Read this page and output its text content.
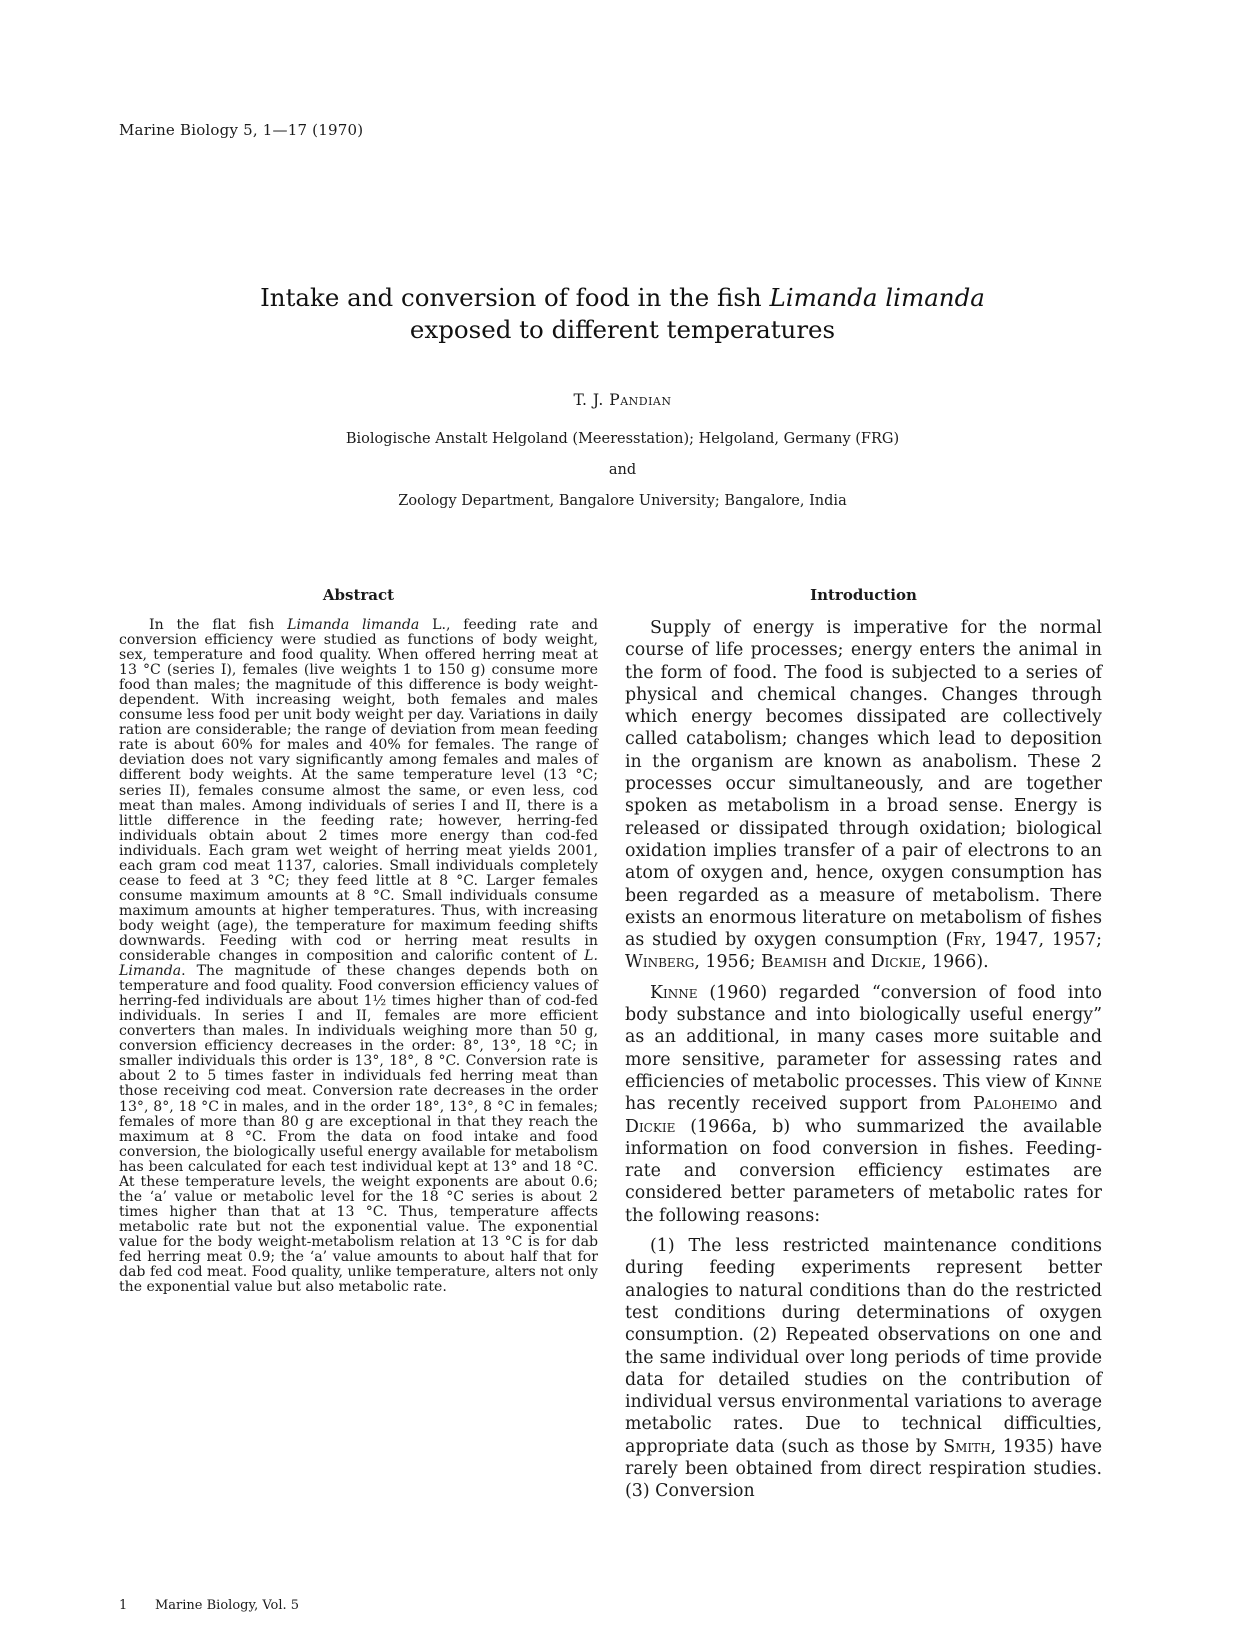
Marine Biology 5, 1—17 (1970)
Intake and conversion of food in the fish Limanda limanda
exposed to different temperatures
T. J. Pandian
Biologische Anstalt Helgoland (Meeresstation); Helgoland, Germany (FRG)
and
Zoology Department, Bangalore University; Bangalore, India
Abstract	Introduction

In the flat fish Limanda limanda L., feeding rate and conversion efficiency were studied as functions of body weight, sex, temperature and food quality. When offered herring meat at 13 °C (series I), females (live weights 1 to 150 g) consume more food than males; the magnitude of this difference is body weight-dependent. With increasing weight, both females and males consume less food per unit body weight per day. Variations in daily ration are considerable; the range of deviation from mean feeding rate is about 60% for males and 40% for females. The range of deviation does not vary significantly among females and males of different body weights. At the same temperature level (13 °C; series II), females consume almost the same, or even less, cod meat than males. Among individuals of series I and II, there is a little difference in the feeding rate; however, herring-fed individuals obtain about 2 times more energy than cod-fed individuals. Each gram wet weight of herring meat yields 2001, each gram cod meat 1137, calories. Small individuals completely cease to feed at 3 °C; they feed little at 8 °C. Larger females consume maximum amounts at 8 °C. Small individuals consume maximum amounts at higher temperatures. Thus, with increasing body weight (age), the temperature for maximum feeding shifts downwards. Feeding with cod or herring meat results in considerable changes in composition and calorific content of L. Limanda. The magnitude of these changes depends both on temperature and food quality. Food conversion efficiency values of herring-fed individuals are about 1½ times higher than of cod-fed individuals. In series I and II, females are more efficient converters than males. In individuals weighing more than 50 g, conversion efficiency decreases in the order: 8°, 13°, 18 °C; in smaller individuals this order is 13°, 18°, 8 °C. Conversion rate is about 2 to 5 times faster in individuals fed herring meat than those receiving cod meat. Conversion rate decreases in the order 13°, 8°, 18 °C in males, and in the order 18°, 13°, 8 °C in females; females of more than 80 g are exceptional in that they reach the maximum at 8 °C. From the data on food intake and food conversion, the biologically useful energy available for metabolism has been calculated for each test individual kept at 13° and 18 °C. At these temperature levels, the weight exponents are about 0.6; the ‘a’ value or metabolic level for the 18 °C series is about 2 times higher than that at 13 °C. Thus, temperature affects metabolic rate but not the exponential value. The exponential value for the body weight-metabolism relation at 13 °C is for dab fed herring meat 0.9; the ‘a’ value amounts to about half that for dab fed cod meat. Food quality, unlike temperature, alters not only the exponential value but also metabolic rate.

Supply of energy is imperative for the normal course of life processes; energy enters the animal in the form of food. The food is subjected to a series of physical and chemical changes. Changes through which energy becomes dissipated are collectively called catabolism; changes which lead to deposition in the organism are known as anabolism. These 2 processes occur simultaneously, and are together spoken as metabolism in a broad sense. Energy is released or dissipated through oxidation; biological oxidation implies transfer of a pair of electrons to an atom of oxygen and, hence, oxygen consumption has been regarded as a measure of metabolism. There exists an enormous literature on metabolism of fishes as studied by oxygen consumption (Fry, 1947, 1957; Winberg, 1956; Beamish and Dickie, 1966).

Kinne (1960) regarded “conversion of food into body substance and into biologically useful energy” as an additional, in many cases more suitable and more sensitive, parameter for assessing rates and efficiencies of metabolic processes. This view of Kinne has recently received support from Paloheimo and Dickie (1966a, b) who summarized the available information on food conversion in fishes. Feeding-rate and conversion efficiency estimates are considered better parameters of metabolic rates for the following reasons:

(1) The less restricted maintenance conditions during feeding experiments represent better analogies to natural conditions than do the restricted test conditions during determinations of oxygen consumption. (2) Repeated observations on one and the same individual over long periods of time provide data for detailed studies on the contribution of individual versus environmental variations to average metabolic rates. Due to technical difficulties, appropriate data (such as those by Smith, 1935) have rarely been obtained from direct respiration studies. (3) Conversion

1 Marine Biology, Vol. 5
